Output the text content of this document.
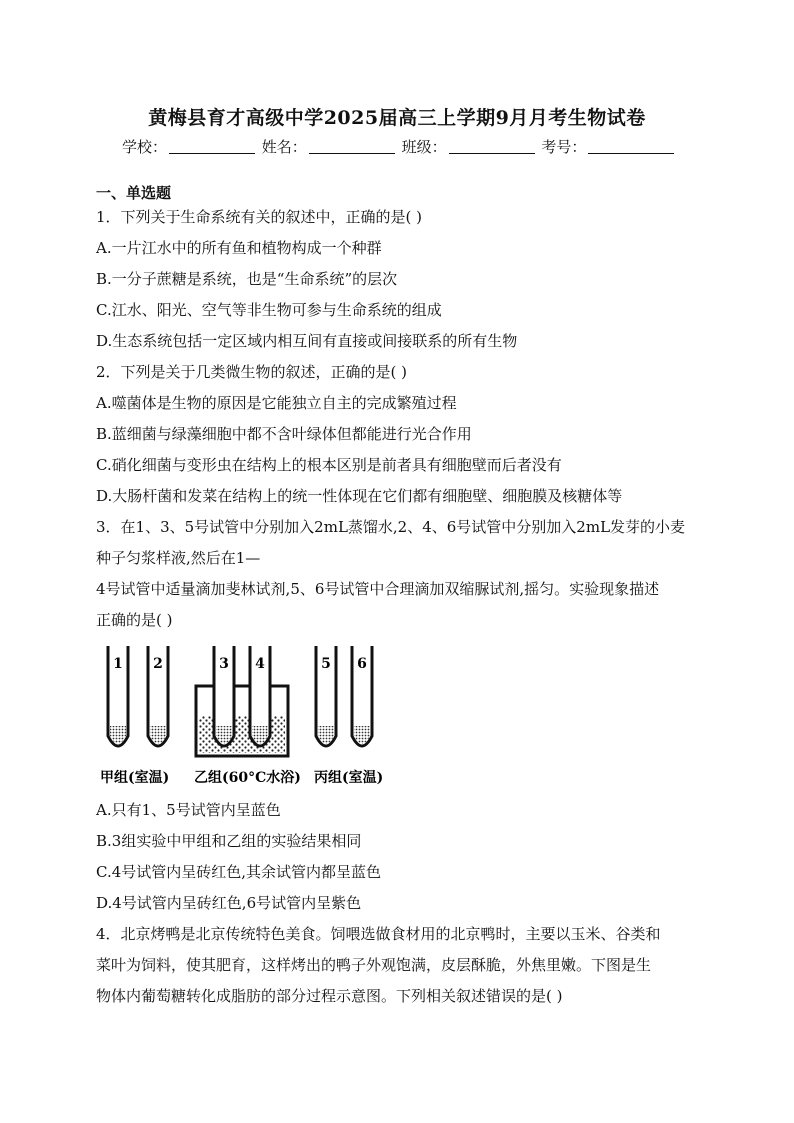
黄梅县育才高级中学2025届高三上学期9月月考生物试卷
学校：	姓名：	班级：	考号：
一、单选题
1．下列关于生命系统有关的叙述中，正确的是( )
A.一片江水中的所有鱼和植物构成一个种群
B.一分子蔗糖是系统，也是“生命系统”的层次
C.江水、阳光、空气等非生物可参与生命系统的组成
D.生态系统包括一定区域内相互间有直接或间接联系的所有生物
2．下列是关于几类微生物的叙述，正确的是( )
A.噬菌体是生物的原因是它能独立自主的完成繁殖过程
B.蓝细菌与绿藻细胞中都不含叶绿体但都能进行光合作用
C.硝化细菌与变形虫在结构上的根本区别是前者具有细胞壁而后者没有
D.大肠杆菌和发菜在结构上的统一性体现在它们都有细胞壁、细胞膜及核糖体等
3．在1、3、5号试管中分别加入2mL蒸馏水,2、4、6号试管中分别加入2mL发芽的小麦
种子匀浆样液,然后在1—
4号试管中适量滴加斐林试剂,5、6号试管中合理滴加双缩脲试剂,摇匀。实验现象描述
正确的是( )
1 2	3 4	5 6
甲组(室温) 乙组(60°C水浴) 丙组(室温)
A.只有1、5号试管内呈蓝色
B.3组实验中甲组和乙组的实验结果相同
C.4号试管内呈砖红色,其余试管内都呈蓝色
D.4号试管内呈砖红色,6号试管内呈紫色
4．北京烤鸭是北京传统特色美食。饲喂选做食材用的北京鸭时，主要以玉米、谷类和
菜叶为饲料，使其肥育，这样烤出的鸭子外观饱满，皮层酥脆，外焦里嫩。下图是生
物体内葡萄糖转化成脂肪的部分过程示意图。下列相关叙述错误的是( )
